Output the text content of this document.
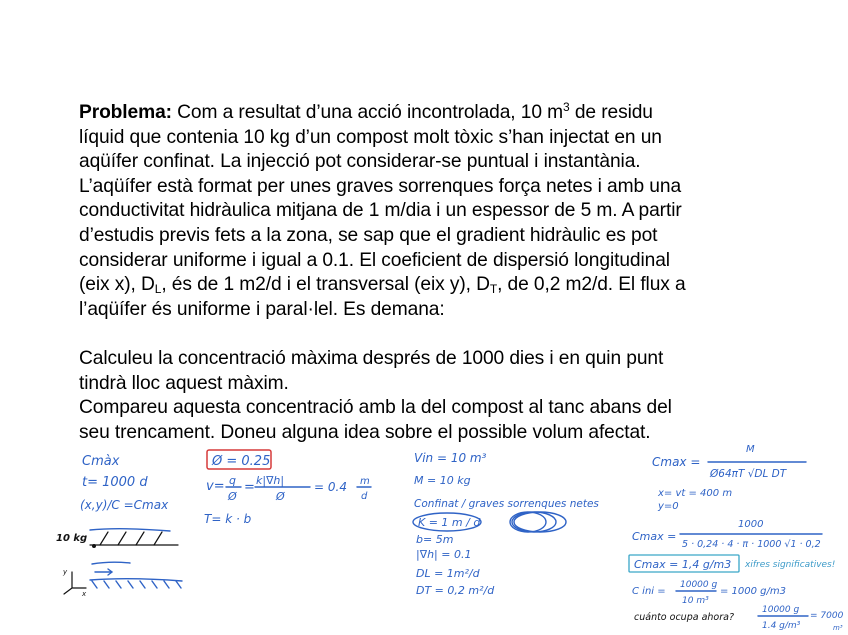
Problema: Com a resultat d’una acció incontrolada, 10 $m^3$ de residu
líquid que contenia 10 kg d’un compost molt tòxic s’han injectat en un
aqüífer confinat. La injecció pot considerar-se puntual i instantània.
L’aqüífer està format per unes graves sorrenques força netes i amb una
conductivitat hidràulica mitjana de 1 m/dia i un espessor de 5 m. A partir
d’estudis previs fets a la zona, se sap que el gradient hidràulic es pot
considerar uniforme i igual a 0.1. El coeficient de dispersió longitudinal
(eix x), $D_L$, és de 1 m2/d i el transversal (eix y), $D_T$, de 0,2 m2/d. El flux a
l’aqüífer és uniforme i paral·lel. Es demana:

Calculeu la concentració màxima després de 1000 dies i en quin punt
tindrà lloc aquest màxim.

Compareu aquesta concentració amb la del compost al tanc abans del
seu trencament. Doneu alguna idea sobre el possible volum afectat.

Cmàx
t= 1000 d
(x,y)/C =Cmax
10 kg
y
x
Ø = 0.25
v= q
Ø
= k|∇h|
Ø
= 0.4 m
d
T= k · b
Vin = 10 m³
M = 10 kg
Confinat / graves sorrenques netes
K = 1 m / d
b= 5m
|∇h| = 0.1
DL = 1m²/d
DT = 0,2 m²/d
Cmax =
M
Ø64πT √DL DT
x= vt = 400 m
y=0
Cmax =
1000
5 · 0,24 · 4 · π · 1000 √1 · 0,2
Cmax = 1,4 g/m3 xifres significatives!
C ini =
10000 g
10 m³
= 1000 g/m3
cuánto ocupa ahora?
10000 g
1.4 g/m³
= 7000
m³
